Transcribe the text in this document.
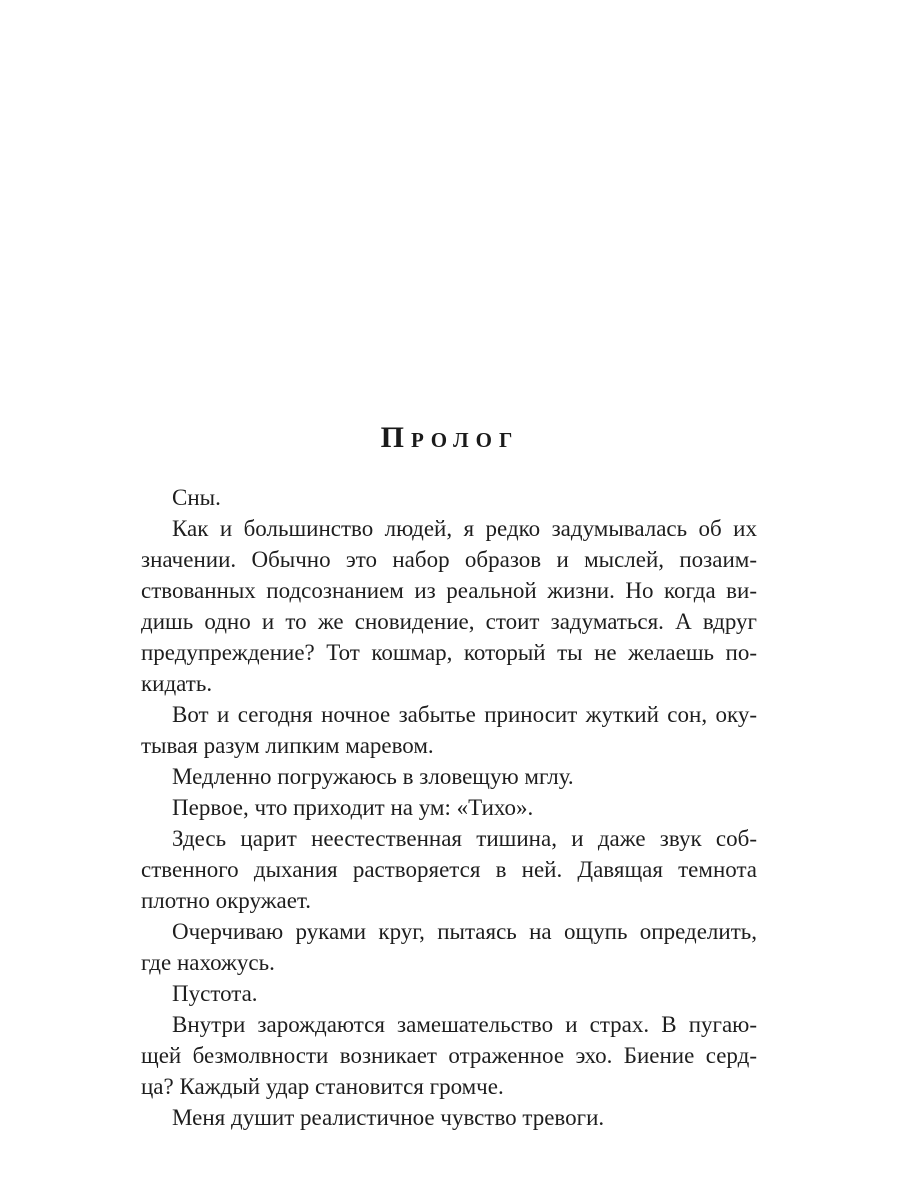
Пролог
Сны.
Как и большинство людей, я редко задумывалась об их
значении. Обычно это набор образов и мыслей, позаим-
ствованных подсознанием из реальной жизни. Но когда ви-
дишь одно и то же сновидение, стоит задуматься. А вдруг
предупреждение? Тот кошмар, который ты не желаешь по-
кидать.
Вот и сегодня ночное забытье приносит жуткий сон, оку-
тывая разум липким маревом.
Медленно погружаюсь в зловещую мглу.
Первое, что приходит на ум: «Тихо».
Здесь царит неестественная тишина, и даже звук соб-
ственного дыхания растворяется в ней. Давящая темнота
плотно окружает.
Очерчиваю руками круг, пытаясь на ощупь определить,
где нахожусь.
Пустота.
Внутри зарождаются замешательство и страх. В пугаю-
щей безмолвности возникает отраженное эхо. Биение серд-
ца? Каждый удар становится громче.
Меня душит реалистичное чувство тревоги.
